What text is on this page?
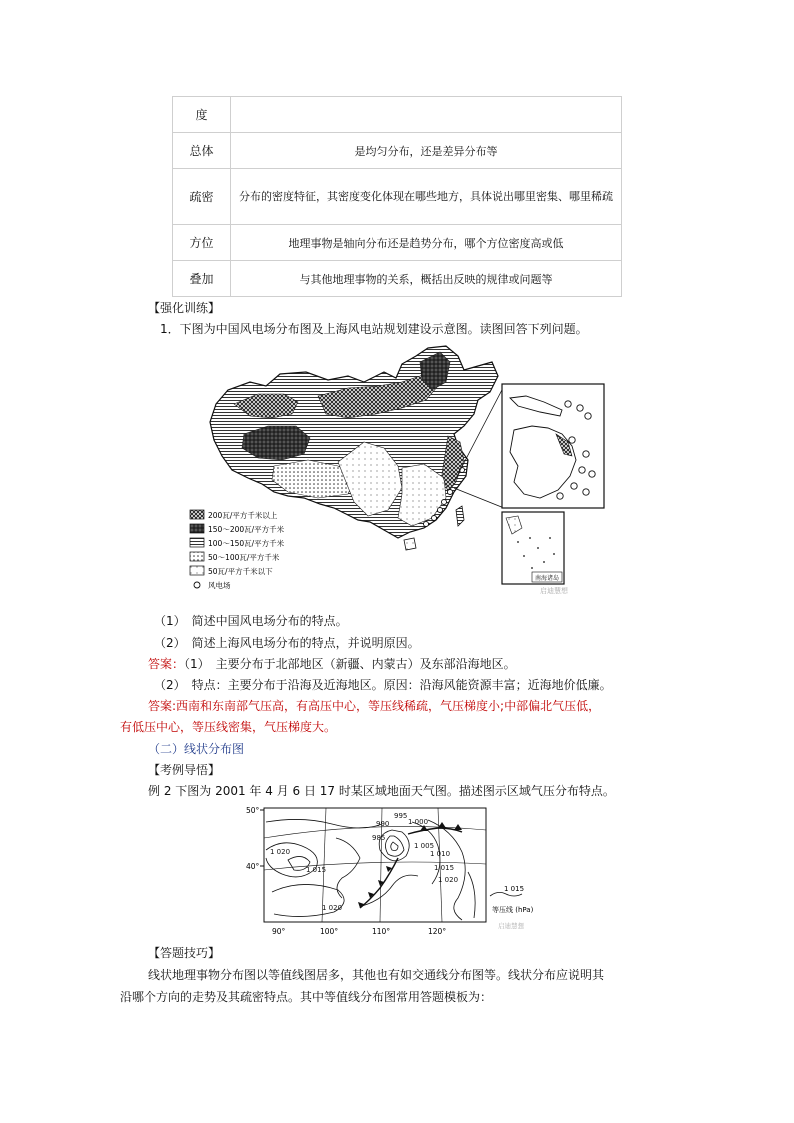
度	
总体	是均匀分布，还是差异分布等
疏密	分布的密度特征，其密度变化体现在哪些地方，具体说出哪里密集、哪里稀疏
方位	地理事物是轴向分布还是趋势分布，哪个方位密度高或低
叠加	与其他地理事物的关系，概括出反映的规律或问题等
【强化训练】
1．下图为中国风电场分布图及上海风电站规划建设示意图。读图回答下列问题。
南海诸岛
200瓦/平方千米以上
150～200瓦/平方千米
100～150瓦/平方千米
50～100瓦/平方千米
50瓦/平方千米以下
风电场
启迪慧想
（1）　简述中国风电场分布的特点。
（2）　简述上海风电场分布的特点，并说明原因。
答案：（1）　主要分布于北部地区（新疆、内蒙古）及东部沿海地区。
（2）　特点：主要分布于沿海及近海地区。原因：沿海风能资源丰富；近海地价低廉。
答案:西南和东南部气压高，有高压中心，等压线稀疏，气压梯度小;中部偏北气压低，
有低压中心，等压线密集，气压梯度大。
（二）线状分布图
【考例导悟】
例 2 下图为 2001 年 4 月 6 日 17 时某区域地面天气图。描述图示区域气压分布特点。
50°
40°
90°	100°	110°	120°
995
1 000
990
985
1 005
1 010
1 015
1 020
1 020
1 015
1 020
1 015
等压线 (hPa)
启迪慧想
【答题技巧】
线状地理事物分布图以等值线图居多，其他也有如交通线分布图等。线状分布应说明其
沿哪个方向的走势及其疏密特点。其中等值线分布图常用答题模板为：
